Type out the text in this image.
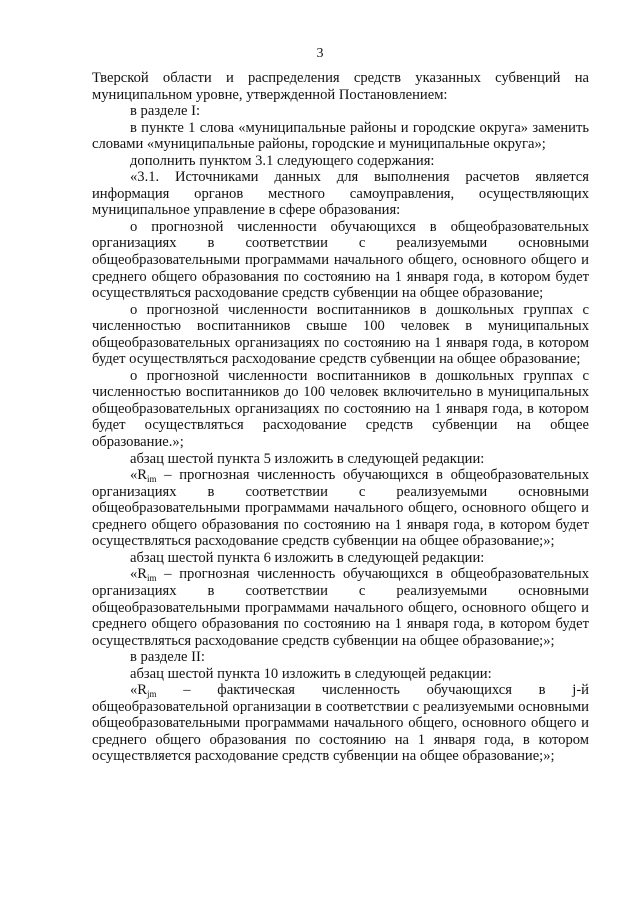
3

Тверской области и распределения средств указанных субвенций на муниципальном уровне, утвержденной Постановлением:

в разделе I:

в пункте 1 слова «муниципальные районы и городские округа» заменить словами «муниципальные районы, городские и муниципальные округа»;

дополнить пунктом 3.1 следующего содержания:

«3.1. Источниками данных для выполнения расчетов является информация органов местного самоуправления, осуществляющих муниципальное управление в сфере образования:

о прогнозной численности обучающихся в общеобразовательных организациях в соответствии с реализуемыми основными общеобразовательными программами начального общего, основного общего и среднего общего образования по состоянию на 1 января года, в котором будет осуществляться расходование средств субвенции на общее образование;

о прогнозной численности воспитанников в дошкольных группах с численностью воспитанников свыше 100 человек в муниципальных общеобразовательных организациях по состоянию на 1 января года, в котором будет осуществляться расходование средств субвенции на общее образование;

о прогнозной численности воспитанников в дошкольных группах с численностью воспитанников до 100 человек включительно в муниципальных общеобразовательных организациях по состоянию на 1 января года, в котором будет осуществляться расходование средств субвенции на общее образование.»;

абзац шестой пункта 5 изложить в следующей редакции:

«$R_{im}$ – прогнозная численность обучающихся в общеобразовательных организациях в соответствии с реализуемыми основными общеобразовательными программами начального общего, основного общего и среднего общего образования по состоянию на 1 января года, в котором будет осуществляться расходование средств субвенции на общее образование;»;

абзац шестой пункта 6 изложить в следующей редакции:

«$R_{im}$ – прогнозная численность обучающихся в общеобразовательных организациях в соответствии с реализуемыми основными общеобразовательными программами начального общего, основного общего и среднего общего образования по состоянию на 1 января года, в котором будет осуществляться расходование средств субвенции на общее образование;»;

в разделе II:

абзац шестой пункта 10 изложить в следующей редакции:

«$R_{jm}$ – фактическая численность обучающихся в j-й общеобразовательной организации в соответствии с реализуемыми основными общеобразовательными программами начального общего, основного общего и среднего общего образования по состоянию на 1 января года, в котором осуществляется расходование средств субвенции на общее образование;»;
